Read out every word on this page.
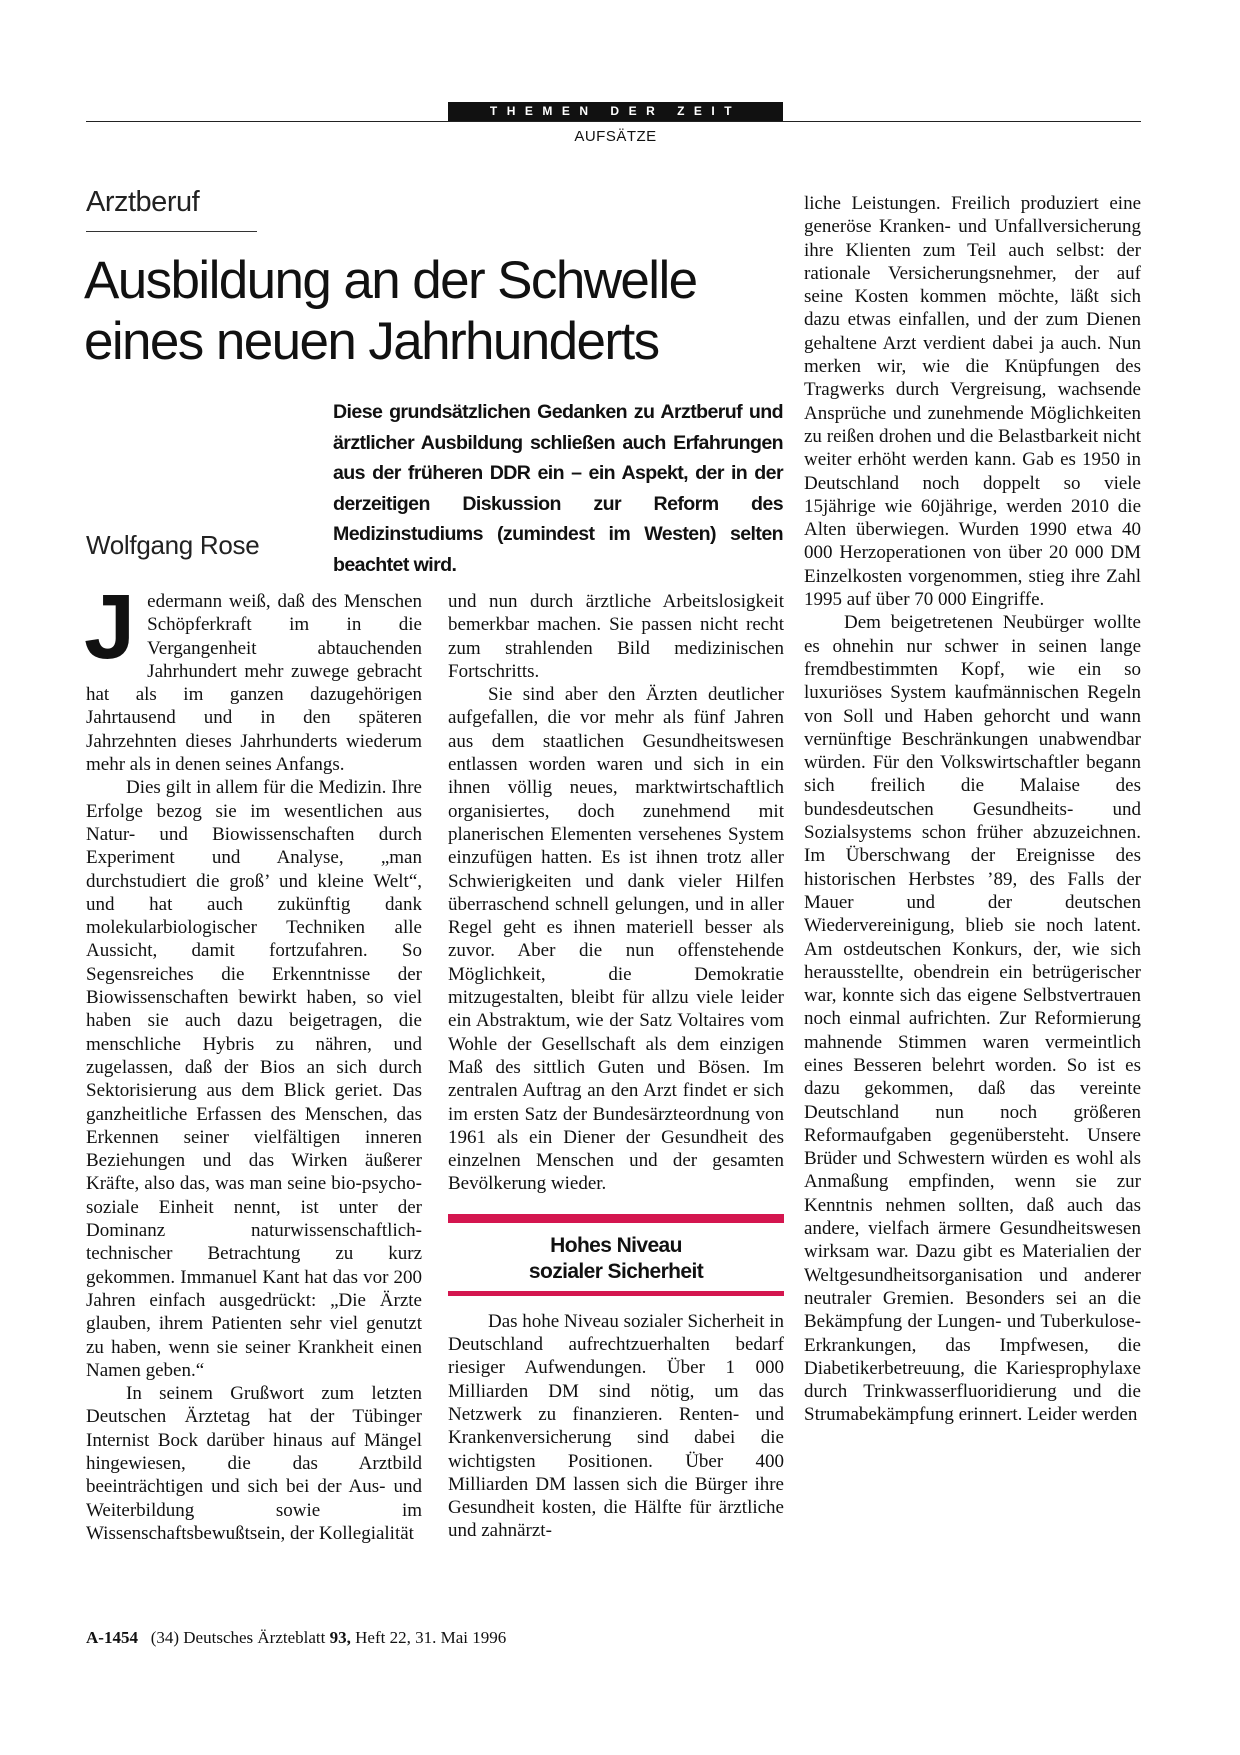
THEMEN DER ZEIT
AUFSÄTZE
Arztberuf
Ausbildung an der Schwelle eines neuen Jahrhunderts

Diese grundsätzlichen Gedanken zu Arztberuf und ärztlicher Ausbildung schließen auch Erfahrungen aus der früheren DDR ein – ein Aspekt, der in der derzeitigen Diskussion zur Reform des Medizinstudiums (zumindest im Westen) selten beachtet wird.

Wolfgang Rose
J edermann weiß, daß des Menschen Schöpferkraft im in die Vergangenheit abtauchenden Jahrhundert mehr zuwege gebracht hat als im ganzen dazugehörigen Jahrtausend und in den späteren Jahrzehnten dieses Jahrhunderts wiederum mehr als in denen seines Anfangs.

Dies gilt in allem für die Medizin. Ihre Erfolge bezog sie im wesentlichen aus Natur- und Biowissenschaften durch Experiment und Analyse, „man durchstudiert die groß’ und kleine Welt“, und hat auch zukünftig dank molekularbiologischer Techniken alle Aussicht, damit fortzufahren. So Segensreiches die Erkenntnisse der Biowissenschaften bewirkt haben, so viel haben sie auch dazu beigetragen, die menschliche Hybris zu nähren, und zugelassen, daß der Bios an sich durch Sektorisierung aus dem Blick geriet. Das ganzheitliche Erfassen des Menschen, das Erkennen seiner vielfältigen inneren Beziehungen und das Wirken äußerer Kräfte, also das, was man seine bio-psycho-soziale Einheit nennt, ist unter der Dominanz naturwissenschaftlich-technischer Betrachtung zu kurz gekommen. Immanuel Kant hat das vor 200 Jahren einfach ausgedrückt: „Die Ärzte glauben, ihrem Patienten sehr viel genutzt zu haben, wenn sie seiner Krankheit einen Namen geben.“

In seinem Grußwort zum letzten Deutschen Ärztetag hat der Tübinger Internist Bock darüber hinaus auf Mängel hingewiesen, die das Arztbild beeinträchtigen und sich bei der Aus- und Weiterbildung sowie im Wissenschaftsbewußtsein, der Kollegialität

und nun durch ärztliche Arbeitslosigkeit bemerkbar machen. Sie passen nicht recht zum strahlenden Bild medizinischen Fortschritts.

Sie sind aber den Ärzten deutlicher aufgefallen, die vor mehr als fünf Jahren aus dem staatlichen Gesundheitswesen entlassen worden waren und sich in ein ihnen völlig neues, marktwirtschaftlich organisiertes, doch zunehmend mit planerischen Elementen versehenes System einzufügen hatten. Es ist ihnen trotz aller Schwierigkeiten und dank vieler Hilfen überraschend schnell gelungen, und in aller Regel geht es ihnen materiell besser als zuvor. Aber die nun offenstehende Möglichkeit, die Demokratie mitzugestalten, bleibt für allzu viele leider ein Abstraktum, wie der Satz Voltaires vom Wohle der Gesellschaft als dem einzigen Maß des sittlich Guten und Bösen. Im zentralen Auftrag an den Arzt findet er sich im ersten Satz der Bundesärzteordnung von 1961 als ein Diener der Gesundheit des einzelnen Menschen und der gesamten Bevölkerung wieder.

Hohes Niveau
sozialer Sicherheit

Das hohe Niveau sozialer Sicherheit in Deutschland aufrechtzuerhalten bedarf riesiger Aufwendungen. Über 1 000 Milliarden DM sind nötig, um das Netzwerk zu finanzieren. Renten- und Krankenversicherung sind dabei die wichtigsten Positionen. Über 400 Milliarden DM lassen sich die Bürger ihre Gesundheit kosten, die Hälfte für ärztliche und zahnärzt-

liche Leistungen. Freilich produziert eine generöse Kranken- und Unfallversicherung ihre Klienten zum Teil auch selbst: der rationale Versicherungsnehmer, der auf seine Kosten kommen möchte, läßt sich dazu etwas einfallen, und der zum Dienen gehaltene Arzt verdient dabei ja auch. Nun merken wir, wie die Knüpfungen des Tragwerks durch Vergreisung, wachsende Ansprüche und zunehmende Möglichkeiten zu reißen drohen und die Belastbarkeit nicht weiter erhöht werden kann. Gab es 1950 in Deutschland noch doppelt so viele 15jährige wie 60jährige, werden 2010 die Alten überwiegen. Wurden 1990 etwa 40 000 Herzoperationen von über 20 000 DM Einzelkosten vorgenommen, stieg ihre Zahl 1995 auf über 70 000 Eingriffe.

Dem beigetretenen Neubürger wollte es ohnehin nur schwer in seinen lange fremdbestimmten Kopf, wie ein so luxuriöses System kaufmännischen Regeln von Soll und Haben gehorcht und wann vernünftige Beschränkungen unabwendbar würden. Für den Volkswirtschaftler begann sich freilich die Malaise des bundesdeutschen Gesundheits- und Sozialsystems schon früher abzuzeichnen. Im Überschwang der Ereignisse des historischen Herbstes ’89, des Falls der Mauer und der deutschen Wiedervereinigung, blieb sie noch latent. Am ostdeutschen Konkurs, der, wie sich herausstellte, obendrein ein betrügerischer war, konnte sich das eigene Selbstvertrauen noch einmal aufrichten. Zur Reformierung mahnende Stimmen waren vermeintlich eines Besseren belehrt worden. So ist es dazu gekommen, daß das vereinte Deutschland nun noch größeren Reformaufgaben gegenübersteht. Unsere Brüder und Schwestern würden es wohl als Anmaßung empfinden, wenn sie zur Kenntnis nehmen sollten, daß auch das andere, vielfach ärmere Gesundheitswesen wirksam war. Dazu gibt es Materialien der Weltgesundheitsorganisation und anderer neutraler Gremien. Besonders sei an die Bekämpfung der Lungen- und Tuberkulose-Erkrankungen, das Impfwesen, die Diabetikerbetreuung, die Kariesprophylaxe durch Trinkwasserfluoridierung und die Strumabekämpfung erinnert. Leider werden

A-1454 (34) Deutsches Ärzteblatt 93, Heft 22, 31. Mai 1996
